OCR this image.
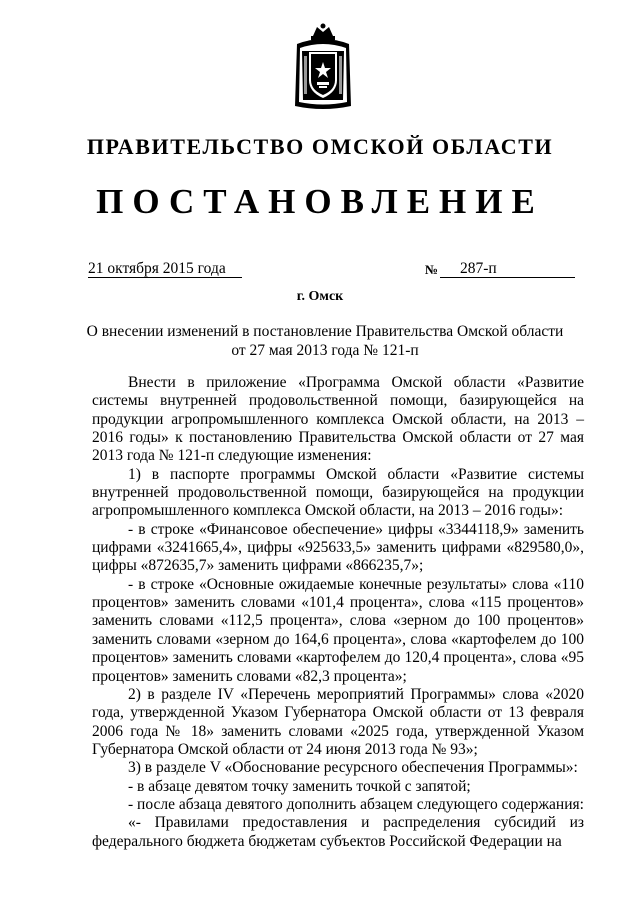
ПРАВИТЕЛЬСТВО ОМСКОЙ ОБЛАСТИ
ПОСТАНОВЛЕНИЕ
21 октября 2015 года	№	287-п
г. Омск
О внесении изменений в постановление Правительства Омской области
от 27 мая 2013 года № 121-п

Внести в приложение «Программа Омской области «Развитие системы внутренней продовольственной помощи, базирующейся на продукции агропромышленного комплекса Омской области, на 2013 – 2016 годы» к постановлению Правительства Омской области от 27 мая 2013 года № 121-п следующие изменения:

1) в паспорте программы Омской области «Развитие системы внутренней продовольственной помощи, базирующейся на продукции агропромышленного комплекса Омской области, на 2013 – 2016 годы»:

- в строке «Финансовое обеспечение» цифры «3344118,9» заменить цифрами «3241665,4», цифры «925633,5» заменить цифрами «829580,0», цифры «872635,7» заменить цифрами «866235,7»;

- в строке «Основные ожидаемые конечные результаты» слова «110 процентов» заменить словами «101,4 процента», слова «115 процентов» заменить словами «112,5 процента», слова «зерном до 100 процентов» заменить словами «зерном до 164,6 процента», слова «картофелем до 100 процентов» заменить словами «картофелем до 120,4 процента», слова «95 процентов» заменить словами «82,3 процента»;

2) в разделе IV «Перечень мероприятий Программы» слова «2020 года, утвержденной Указом Губернатора Омской области от 13 февраля 2006 года № 18» заменить словами «2025 года, утвержденной Указом Губернатора Омской области от 24 июня 2013 года № 93»;

3) в разделе V «Обоснование ресурсного обеспечения Программы»:

- в абзаце девятом точку заменить точкой с запятой;

- после абзаца девятого дополнить абзацем следующего содержания:

«- Правилами предоставления и распределения субсидий из федерального бюджета бюджетам субъектов Российской Федерации на
